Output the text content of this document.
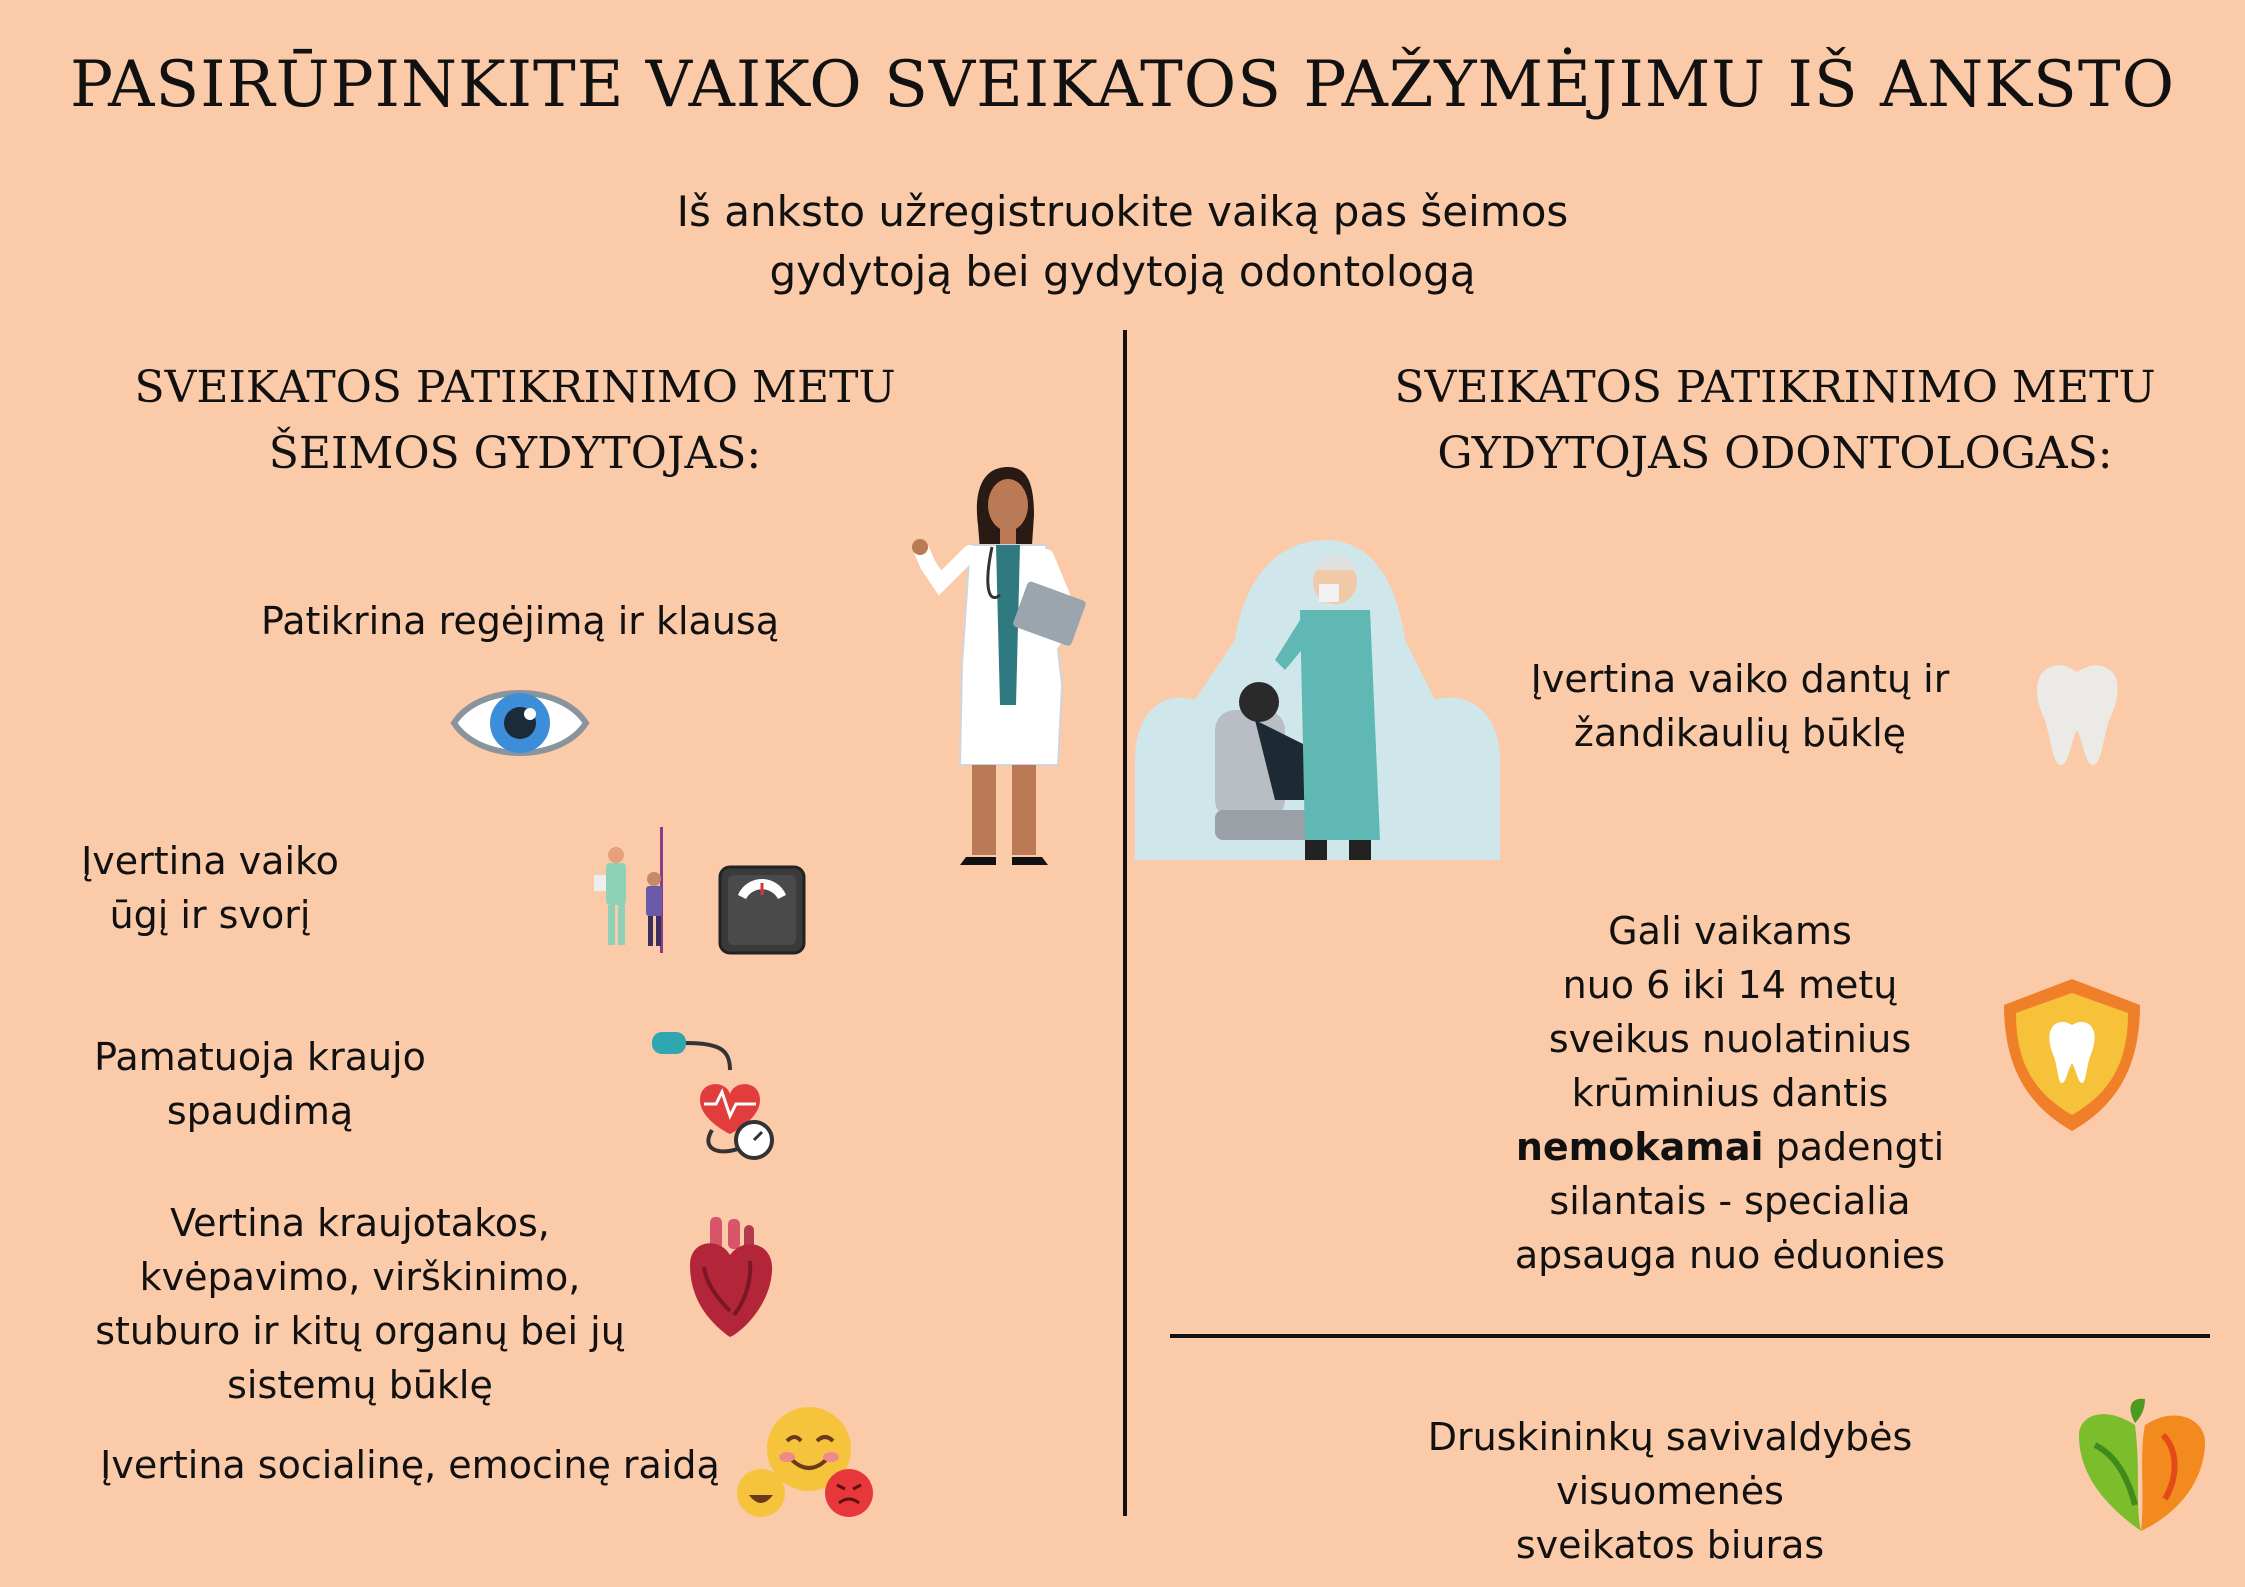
PASIRŪPINKITE VAIKO SVEIKATOS PAŽYMĖJIMU IŠ ANKSTO
Iš anksto užregistruokite vaiką pas šeimos
gydytoją bei gydytoją odontologą
SVEIKATOS PATIKRINIMO METU
ŠEIMOS GYDYTOJAS:
Patikrina regėjimą ir klausą
Įvertina vaiko
ūgį ir svorį
Pamatuoja kraujo
spaudimą
Vertina kraujotakos,
kvėpavimo, virškinimo,
stuburo ir kitų organų bei jų
sistemų būklę
Įvertina socialinę, emocinę raidą
SVEIKATOS PATIKRINIMO METU
GYDYTOJAS ODONTOLOGAS:
Įvertina vaiko dantų ir
žandikaulių būklę
Gali vaikams
nuo 6 iki 14 metų
sveikus nuolatinius
krūminius dantis
nemokamai padengti
silantais - specialia
apsauga nuo ėduonies
Druskininkų savivaldybės visuomenės
sveikatos biuras
